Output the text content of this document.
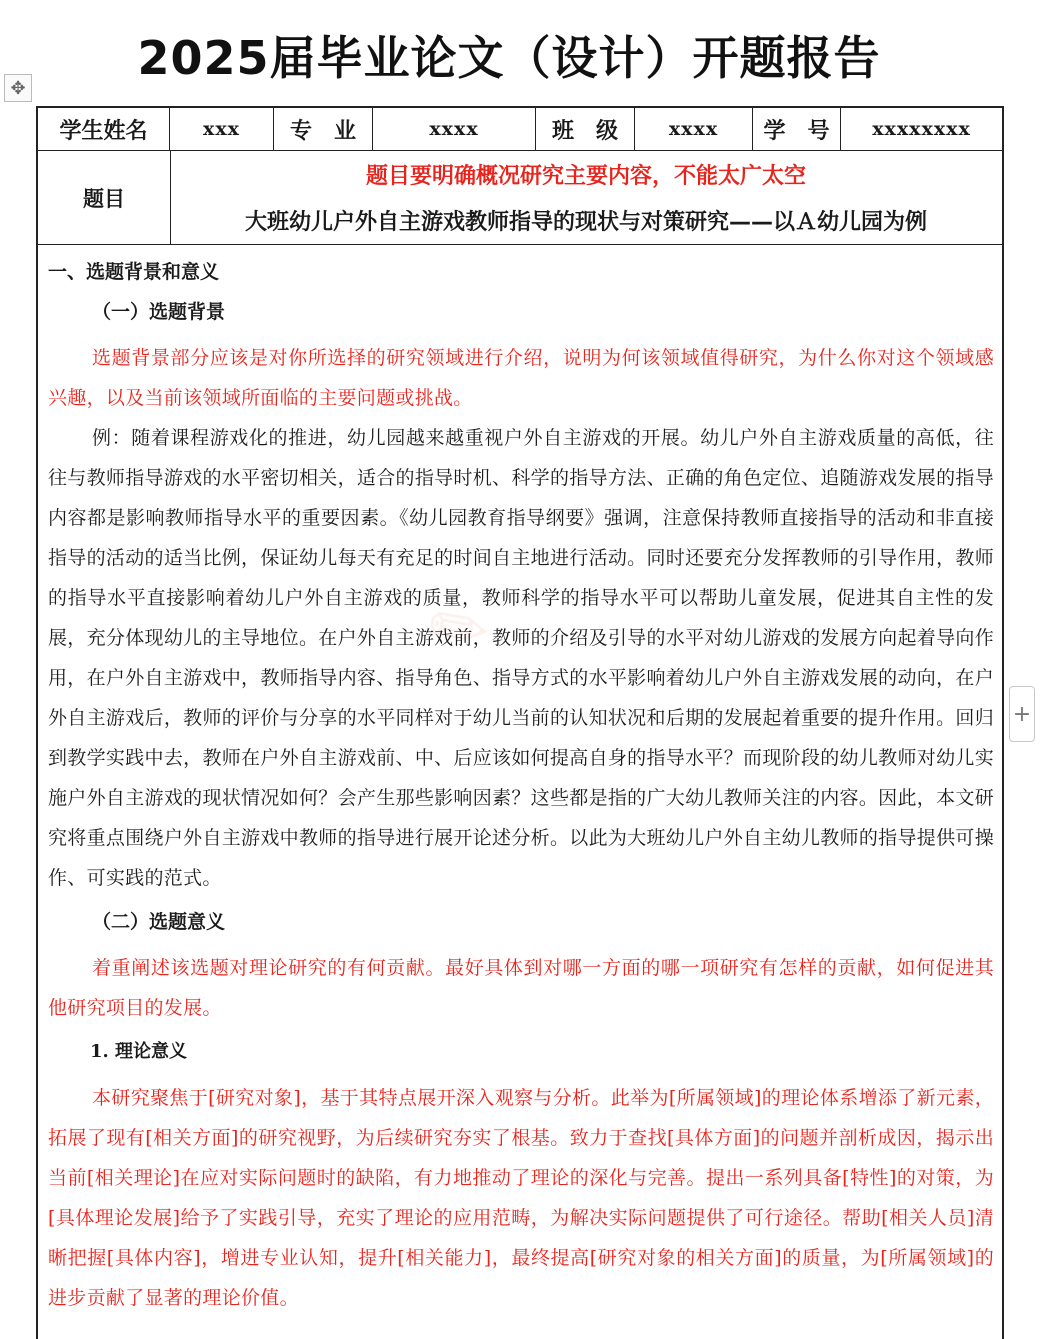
2025届毕业论文（设计）开题报告
✥
+
✎
学生姓名	xxx	专　业	xxxx	班　级	xxxx	学　号	xxxxxxxx
题目
题目要明确概况研究主要内容，不能太广太空
大班幼儿户外自主游戏教师指导的现状与对策研究——以Ａ幼儿园为例
一、选题背景和意义
（一）选题背景

选题背景部分应该是对你所选择的研究领域进行介绍，说明为何该领域值得研究，为什么你对这个领域感兴趣，以及当前该领域所面临的主要问题或挑战。

例：随着课程游戏化的推进，幼儿园越来越重视户外自主游戏的开展。幼儿户外自主游戏质量的高低，往往与教师指导游戏的水平密切相关，适合的指导时机、科学的指导方法、正确的角色定位、追随游戏发展的指导内容都是影响教师指导水平的重要因素。《幼儿园教育指导纲要》强调，注意保持教师直接指导的活动和非直接指导的活动的适当比例，保证幼儿每天有充足的时间自主地进行活动。同时还要充分发挥教师的引导作用，教师的指导水平直接影响着幼儿户外自主游戏的质量，教师科学的指导水平可以帮助儿童发展，促进其自主性的发展，充分体现幼儿的主导地位。在户外自主游戏前，教师的介绍及引导的水平对幼儿游戏的发展方向起着导向作用，在户外自主游戏中，教师指导内容、指导角色、指导方式的水平影响着幼儿户外自主游戏发展的动向，在户外自主游戏后，教师的评价与分享的水平同样对于幼儿当前的认知状况和后期的发展起着重要的提升作用。回归到教学实践中去，教师在户外自主游戏前、中、后应该如何提高自身的指导水平？而现阶段的幼儿教师对幼儿实施户外自主游戏的现状情况如何？会产生那些影响因素？这些都是指的广大幼儿教师关注的内容。因此，本文研究将重点围绕户外自主游戏中教师的指导进行展开论述分析。以此为大班幼儿户外自主幼儿教师的指导提供可操作、可实践的范式。

（二）选题意义

着重阐述该选题对理论研究的有何贡献。最好具体到对哪一方面的哪一项研究有怎样的贡献，如何促进其他研究项目的发展。

1. 理论意义

本研究聚焦于[研究对象]，基于其特点展开深入观察与分析。此举为[所属领域]的理论体系增添了新元素，拓展了现有[相关方面]的研究视野，为后续研究夯实了根基。致力于查找[具体方面]的问题并剖析成因，揭示出当前[相关理论]在应对实际问题时的缺陷，有力地推动了理论的深化与完善。提出一系列具备[特性]的对策，为[具体理论发展]给予了实践引导，充实了理论的应用范畴，为解决实际问题提供了可行途径。帮助[相关人员]清晰把握[具体内容]，增进专业认知，提升[相关能力]，最终提高[研究对象的相关方面]的质量，为[所属领域]的进步贡献了显著的理论价值。
